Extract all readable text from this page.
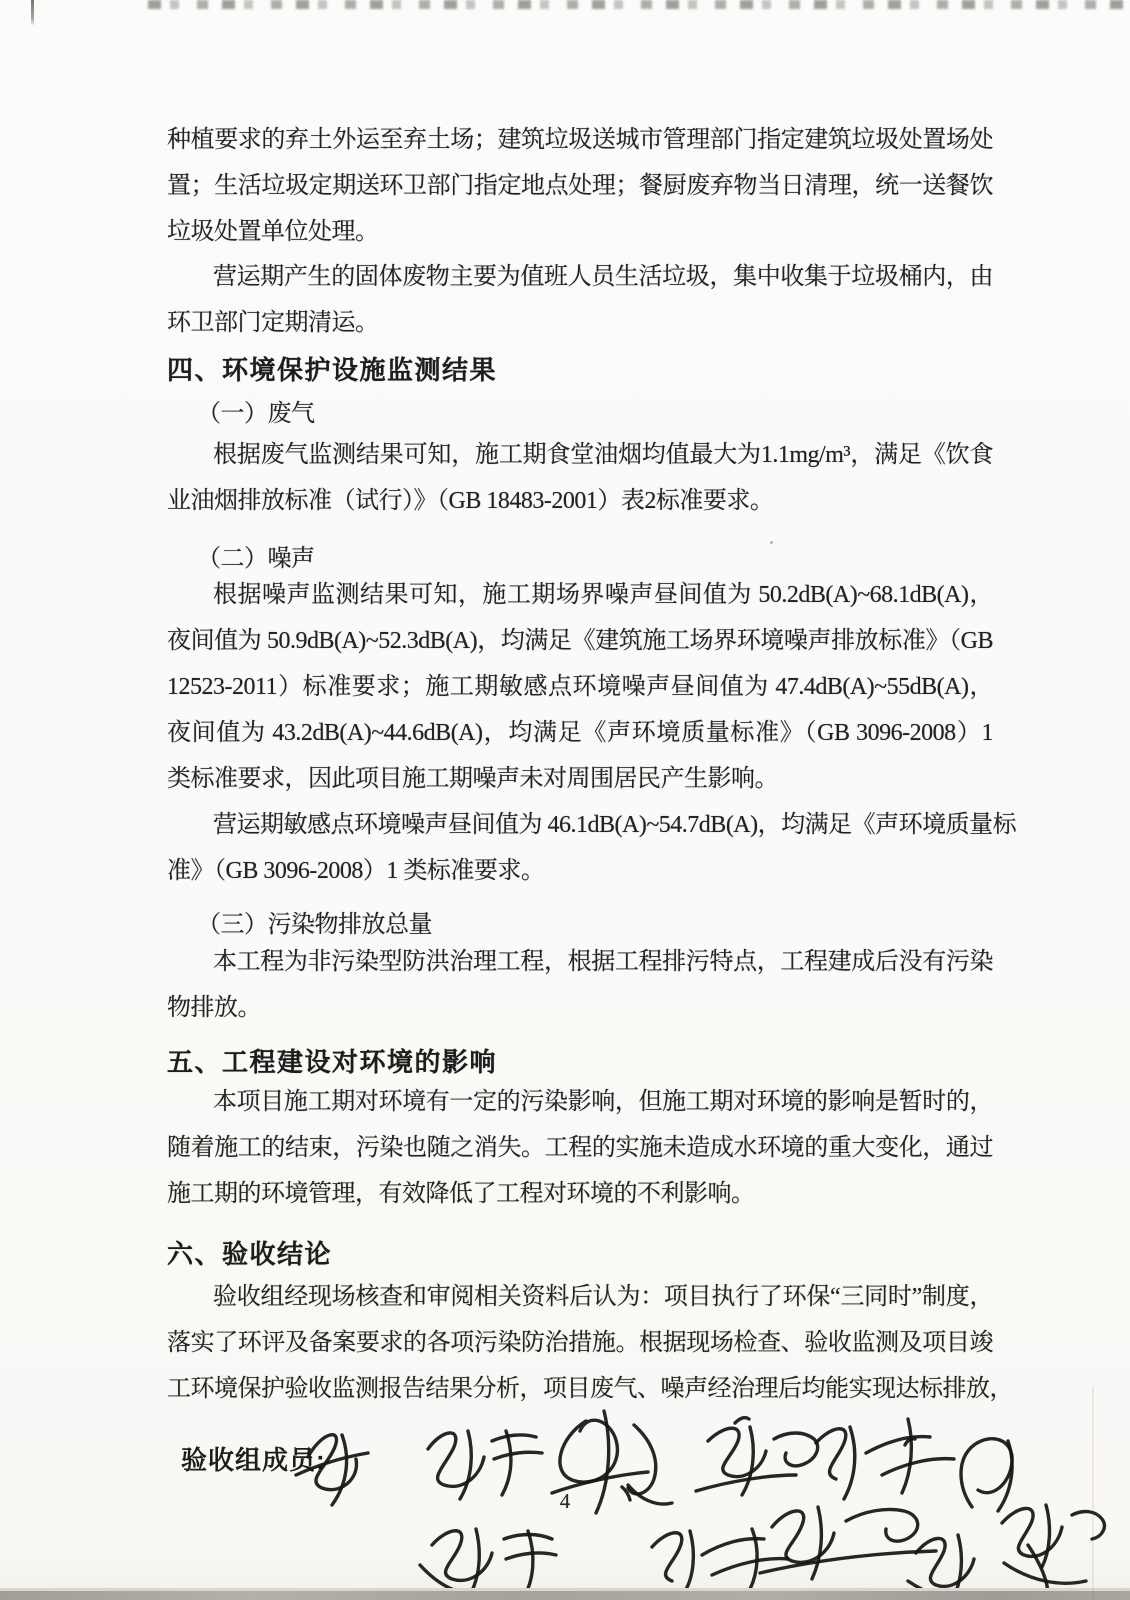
种植要求的弃土外运至弃土场；建筑垃圾送城市管理部门指定建筑垃圾处置场处
置；生活垃圾定期送环卫部门指定地点处理；餐厨废弃物当日清理，统一送餐饮
垃圾处置单位处理。
营运期产生的固体废物主要为值班人员生活垃圾，集中收集于垃圾桶内，由
环卫部门定期清运。
四、环境保护设施监测结果
（一）废气
根据废气监测结果可知，施工期食堂油烟均值最大为1.1mg/m³，满足《饮食
业油烟排放标准（试行）》（GB 18483-2001）表2标准要求。
（二）噪声
根据噪声监测结果可知，施工期场界噪声昼间值为 50.2dB(A)~68.1dB(A)，
夜间值为 50.9dB(A)~52.3dB(A)，均满足《建筑施工场界环境噪声排放标准》（GB
12523-2011）标准要求；施工期敏感点环境噪声昼间值为 47.4dB(A)~55dB(A)，
夜间值为 43.2dB(A)~44.6dB(A)，均满足《声环境质量标准》（GB 3096-2008）1
类标准要求，因此项目施工期噪声未对周围居民产生影响。
营运期敏感点环境噪声昼间值为 46.1dB(A)~54.7dB(A)，均满足《声环境质量标
准》（GB 3096-2008）1 类标准要求。
（三）污染物排放总量
本工程为非污染型防洪治理工程，根据工程排污特点，工程建成后没有污染
物排放。
五、工程建设对环境的影响
本项目施工期对环境有一定的污染影响，但施工期对环境的影响是暂时的，
随着施工的结束，污染也随之消失。工程的实施未造成水环境的重大变化，通过
施工期的环境管理，有效降低了工程对环境的不利影响。
六、验收结论
验收组经现场核查和审阅相关资料后认为：项目执行了环保“三同时”制度，
落实了环评及备案要求的各项污染防治措施。根据现场检查、验收监测及项目竣
工环境保护验收监测报告结果分析，项目废气、噪声经治理后均能实现达标排放，
验收组成员:
4
